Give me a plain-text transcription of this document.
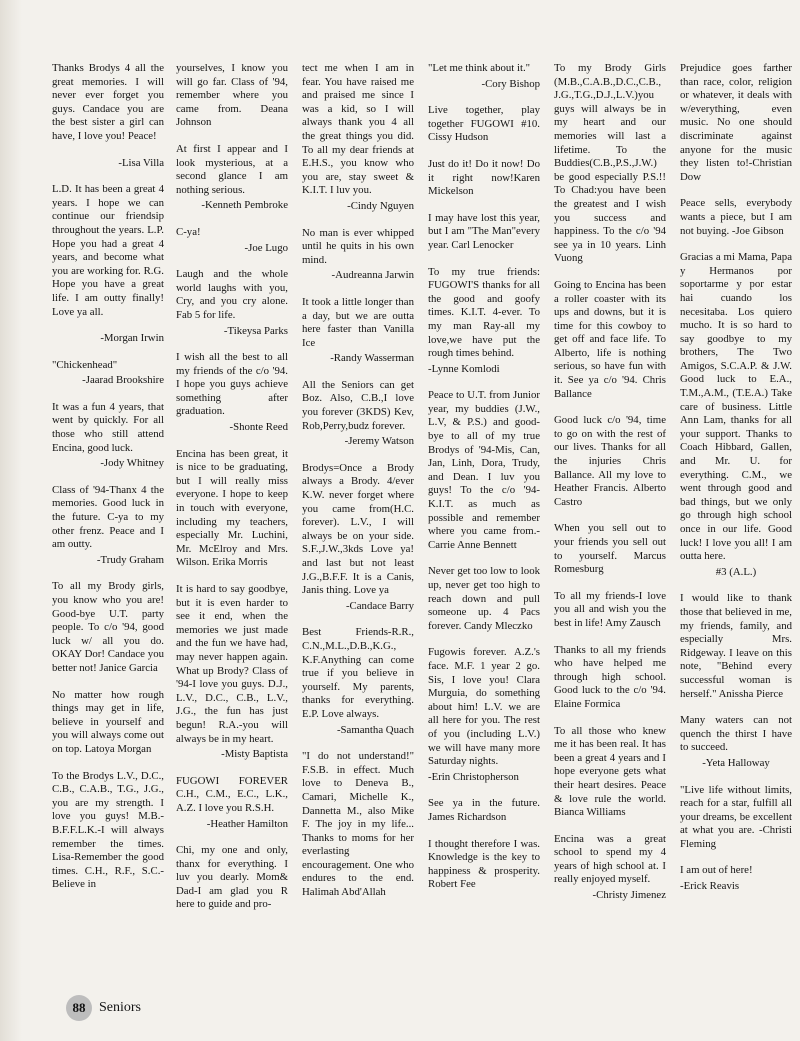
Thanks Brodys 4 all the great memories. I will never ever forget you guys. Candace you are the best sister a girl can have, I love you! Peace!

-Lisa Villa

L.D. It has been a great 4 years. I hope we can continue our friendsip throughout the years. L.P. Hope you had a great 4 years, and become what you are working for. R.G. Hope you have a great life. I am outty finally! Love ya all.

-Morgan Irwin

"Chickenhead"

-Jaarad Brookshire

It was a fun 4 years, that went by quickly. For all those who still attend Encina, good luck.

-Jody Whitney

Class of '94-Thanx 4 the memories. Good luck in the future. C-ya to my other frenz. Peace and I am outty.

-Trudy Graham

To all my Brody girls, you know who you are! Good-bye U.T. party people. To c/o '94, good luck w/ all you do. OKAY Dor! Candace you better not! Janice Garcia

No matter how rough things may get in life, believe in yourself and you will always come out on top. Latoya Morgan

To the Brodys L.V., D.C., C.B., C.A.B., T.G., J.G., you are my strength. I love you guys! M.B.-B.F.F.L.K.-I will always remember the times. Lisa-Remember the good times. C.H., R.F., S.C.-Believe in

yourselves, I know you will go far. Class of '94, remember where you came from. Deana Johnson

At first I appear and I look mysterious, at a second glance I am nothing serious.

-Kenneth Pembroke

C-ya!

-Joe Lugo

Laugh and the whole world laughs with you, Cry, and you cry alone. Fab 5 for life.

-Tikeysa Parks

I wish all the best to all my friends of the c/o '94. I hope you guys achieve something after graduation.

-Shonte Reed

Encina has been great, it is nice to be graduating, but I will really miss everyone. I hope to keep in touch with everyone, including my teachers, especially Mr. Luchini, Mr. McElroy and Mrs. Wilson. Erika Morris

It is hard to say goodbye, but it is even harder to see it end, when the memories we just made and the fun we have had, may never happen again. What up Brody? Class of '94-I love you guys. D.J., L.V., D.C., C.B., L.V., J.G., the fun has just begun! R.A.-you will always be in my heart.

-Misty Baptista

FUGOWI FOREVER C.H., C.M., E.C., L.K., A.Z. I love you R.S.H.

-Heather Hamilton

Chi, my one and only, thanx for everything. I luv you dearly. Mom& Dad-I am glad you R here to guide and pro-

tect me when I am in fear. You have raised me and praised me since I was a kid, so I will always thank you 4 all the great things you did. To all my dear friends at E.H.S., you know who you are, stay sweet & K.I.T. I luv you.

-Cindy Nguyen

No man is ever whipped until he quits in his own mind.

-Audreanna Jarwin

It took a little longer than a day, but we are outta here faster than Vanilla Ice

-Randy Wasserman

All the Seniors can get Boz. Also, C.B.,I love you forever (3KDS) Kev, Rob,Perry,budz forever.

-Jeremy Watson

Brodys=Once a Brody always a Brody. 4/ever K.W. never forget where you came from(H.C. forever). L.V., I will always be on your side. S.F.,J.W.,3kds Love ya! and last but not least J.G.,B.F.F. It is a Canis, Janis thing. Love ya

-Candace Barry

Best Friends-R.R., C.N.,M.L.,D.B.,K.G., K.F.Anything can come true if you believe in yourself. My parents, thanks for everything. E.P. Love always.

-Samantha Quach

"I do not understand!" F.S.B. in effect. Much love to Deneva B., Camari, Michelle K., Dannetta M., also Mike F. The joy in my life... Thanks to moms for her everlasting encouragement. One who endures to the end. Halimah Abd'Allah

"Let me think about it."

-Cory Bishop

Live together, play together FUGOWI #10. Cissy Hudson

Just do it! Do it now! Do it right now!Karen Mickelson

I may have lost this year, but I am "The Man"every year. Carl Lenocker

To my true friends: FUGOWI'S thanks for all the good and goofy times. K.I.T. 4-ever. To my man Ray-all my love,we have put the rough times behind.

-Lynne Komlodi

Peace to U.T. from Junior year, my buddies (J.W., L.V, & P.S.) and good-bye to all of my true Brodys of '94-Mis, Can, Jan, Linh, Dora, Trudy, and Dean. I luv you guys! To the c/o '94-K.I.T. as much as possible and remember where you came from.-Carrie Anne Bennett

Never get too low to look up, never get too high to reach down and pull someone up. 4 Pacs forever. Candy Mleczko

Fugowis forever. A.Z.'s face. M.F. 1 year 2 go. Sis, I love you! Clara Murguia, do something about him! L.V. we are all here for you. The rest of you (including L.V.) we will have many more Saturday nights.

-Erin Christopherson

See ya in the future. James Richardson

I thought therefore I was. Knowledge is the key to happiness & prosperity. Robert Fee

To my Brody Girls (M.B.,C.A.B.,D.C.,C.B., J.G.,T.G.,D.J.,L.V.)you guys will always be in my heart and our memories will last a lifetime. To the Buddies(C.B.,P.S.,J.W.) be good especially P.S.!! To Chad:you have been the greatest and I wish you success and happiness. To the c/o '94 see ya in 10 years. Linh Vuong

Going to Encina has been a roller coaster with its ups and downs, but it is time for this cowboy to get off and face life. To Alberto, life is nothing serious, so have fun with it. See ya c/o '94. Chris Ballance

Good luck c/o '94, time to go on with the rest of our lives. Thanks for all the injuries Chris Ballance. All my love to Heather Francis. Alberto Castro

When you sell out to your friends you sell out to yourself. Marcus Romesburg

To all my friends-I love you all and wish you the best in life! Amy Zausch

Thanks to all my friends who have helped me through high school. Good luck to the c/o '94. Elaine Formica

To all those who knew me it has been real. It has been a great 4 years and I hope everyone gets what their heart desires. Peace & love rule the world. Bianca Williams

Encina was a great school to spend my 4 years of high school at. I really enjoyed myself.

-Christy Jimenez

Prejudice goes farther than race, color, religion or whatever, it deals with w/everything, even music. No one should discriminate against anyone for the music they listen to!-Christian Dow

Peace sells, everybody wants a piece, but I am not buying. -Joe Gibson

Gracias a mi Mama, Papa y Hermanos por soportarme y por estar hai cuando los necesitaba. Los quiero mucho. It is so hard to say goodbye to my brothers, The Two Amigos, S.C.A.P. & J.W. Good luck to E.A., T.M.,A.M., (T.E.A.) Take care of business. Little Ann Lam, thanks for all your support. Thanks to Coach Hibbard, Gallen, and Mr. U. for everything. C.M., we went through good and bad things, but we only go through high school once in our life. Good luck! I love you all! I am outta here.

#3 (A.L.)

I would like to thank those that believed in me, my friends, family, and especially Mrs. Ridgeway. I leave on this note, "Behind every successful woman is herself." Anissha Pierce

Many waters can not quench the thirst I have to succeed.

-Yeta Halloway

"Live life without limits, reach for a star, fulfill all your dreams, be excellent at what you are. -Christi Fleming

I am out of here!

-Erick Reavis

88 Seniors
